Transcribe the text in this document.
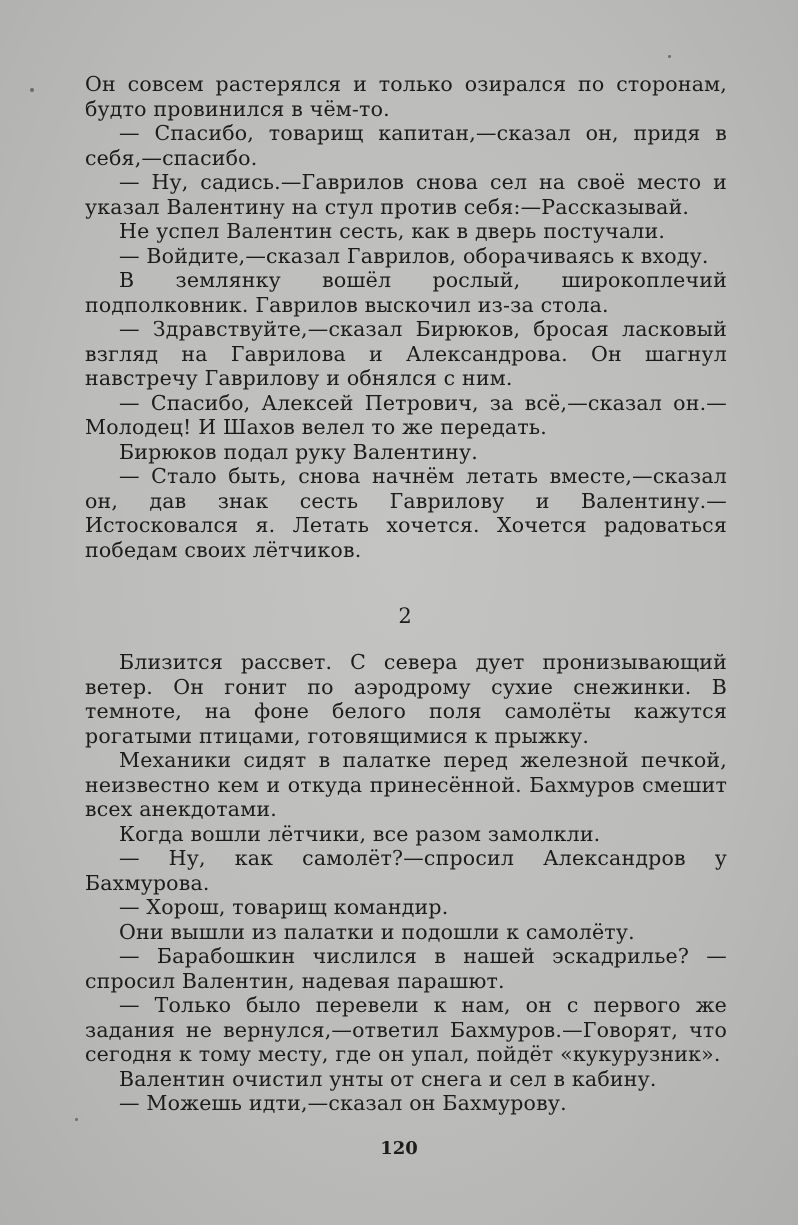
Он совсем растерялся и только озирался по сторонам, будто провинился в чём-то.

— Спасибо, товарищ капитан,—сказал он, придя в себя,—спасибо.

— Ну, садись.—Гаврилов снова сел на своё место и указал Валентину на стул против себя:—Рассказывай.

Не успел Валентин сесть, как в дверь постучали.

— Войдите,—сказал Гаврилов, оборачиваясь к входу.

В землянку вошёл рослый, широкоплечий подполковник. Гаврилов выскочил из-за стола.

— Здравствуйте,—сказал Бирюков, бросая ласковый взгляд на Гаврилова и Александрова. Он шагнул навстречу Гаврилову и обнялся с ним.

— Спасибо, Алексей Петрович, за всё,—сказал он.— Молодец! И Шахов велел то же передать.

Бирюков подал руку Валентину.

— Стало быть, снова начнём летать вместе,—сказал он, дав знак сесть Гаврилову и Валентину.—Истосковался я. Летать хочется. Хочется радоваться победам своих лётчиков.

2

Близится рассвет. С севера дует пронизывающий ветер. Он гонит по аэродрому сухие снежинки. В темноте, на фоне белого поля самолёты кажутся рогатыми птицами, готовящимися к прыжку.

Механики сидят в палатке перед железной печкой, неизвестно кем и откуда принесённой. Бахмуров смешит всех анекдотами.

Когда вошли лётчики, все разом замолкли.

— Ну, как самолёт?—спросил Александров у Бахмурова.

— Хорош, товарищ командир.

Они вышли из палатки и подошли к самолёту.

— Барабошкин числился в нашей эскадрилье? — спросил Валентин, надевая парашют.

— Только было перевели к нам, он с первого же задания не вернулся,—ответил Бахмуров.—Говорят, что сегодня к тому месту, где он упал, пойдёт «кукурузник».

Валентин очистил унты от снега и сел в кабину.

— Можешь идти,—сказал он Бахмурову.

120
